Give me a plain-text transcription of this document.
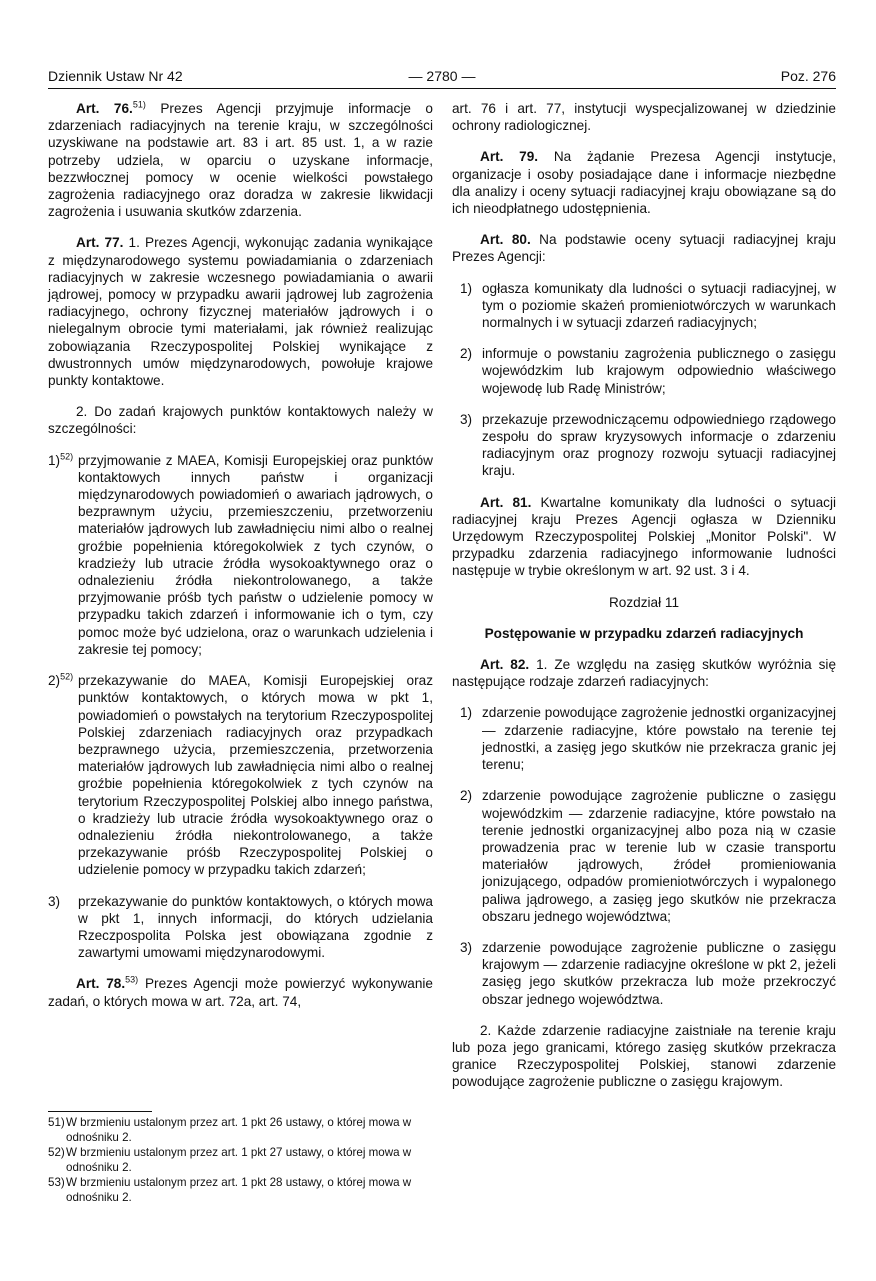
Dziennik Ustaw Nr 42	— 2780 —	Poz. 276

Art. 76.$^{51)}$ Prezes Agencji przyjmuje informacje o zdarzeniach radiacyjnych na terenie kraju, w szczególności uzyskiwane na podstawie art. 83 i art. 85 ust. 1, a w razie potrzeby udziela, w oparciu o uzyskane informacje, bezzwłocznej pomocy w ocenie wielkości powstałego zagrożenia radiacyjnego oraz doradza w zakresie likwidacji zagrożenia i usuwania skutków zdarzenia.

Art. 77. 1. Prezes Agencji, wykonując zadania wynikające z międzynarodowego systemu powiadamiania o zdarzeniach radiacyjnych w zakresie wczesnego powiadamiania o awarii jądrowej, pomocy w przypadku awarii jądrowej lub zagrożenia radiacyjnego, ochrony fizycznej materiałów jądrowych i o nielegalnym obrocie tymi materiałami, jak również realizując zobowiązania Rzeczypospolitej Polskiej wynikające z dwustronnych umów międzynarodowych, powołuje krajowe punkty kontaktowe.

2. Do zadań krajowych punktów kontaktowych należy w szczególności:

1)$^{52)}$ przyjmowanie z MAEA, Komisji Europejskiej oraz punktów kontaktowych innych państw i organizacji międzynarodowych powiadomień o awariach jądrowych, o bezprawnym użyciu, przemieszczeniu, przetworzeniu materiałów jądrowych lub zawładnięciu nimi albo o realnej groźbie popełnienia któregokolwiek z tych czynów, o kradzieży lub utracie źródła wysokoaktywnego oraz o odnalezieniu źródła niekontrolowanego, a także przyjmowanie próśb tych państw o udzielenie pomocy w przypadku takich zdarzeń i informowanie ich o tym, czy pomoc może być udzielona, oraz o warunkach udzielenia i zakresie tej pomocy;
2)$^{52)}$ przekazywanie do MAEA, Komisji Europejskiej oraz punktów kontaktowych, o których mowa w pkt 1, powiadomień o powstałych na terytorium Rzeczypospolitej Polskiej zdarzeniach radiacyjnych oraz przypadkach bezprawnego użycia, przemieszczenia, przetworzenia materiałów jądrowych lub zawładnięcia nimi albo o realnej groźbie popełnienia któregokolwiek z tych czynów na terytorium Rzeczypospolitej Polskiej albo innego państwa, o kradzieży lub utracie źródła wysokoaktywnego oraz o odnalezieniu źródła niekontrolowanego, a także przekazywanie próśb Rzeczypospolitej Polskiej o udzielenie pomocy w przypadku takich zdarzeń;
3)	przekazywanie do punktów kontaktowych, o których mowa w pkt 1, innych informacji, do których udzielania Rzeczpospolita Polska jest obowiązana zgodnie z zawartymi umowami międzynarodowymi.

Art. 78.$^{53)}$ Prezes Agencji może powierzyć wykonywanie zadań, o których mowa w art. 72a, art. 74,

51) W brzmieniu ustalonym przez art. 1 pkt 26 ustawy, o której mowa w odnośniku 2.
52) W brzmieniu ustalonym przez art. 1 pkt 27 ustawy, o której mowa w odnośniku 2.
53) W brzmieniu ustalonym przez art. 1 pkt 28 ustawy, o której mowa w odnośniku 2.

art. 76 i art. 77, instytucji wyspecjalizowanej w dziedzinie ochrony radiologicznej.

Art. 79. Na żądanie Prezesa Agencji instytucje, organizacje i osoby posiadające dane i informacje niezbędne dla analizy i oceny sytuacji radiacyjnej kraju obowiązane są do ich nieodpłatnego udostępnienia.

Art. 80. Na podstawie oceny sytuacji radiacyjnej kraju Prezes Agencji:

1) ogłasza komunikaty dla ludności o sytuacji radiacyjnej, w tym o poziomie skażeń promieniotwórczych w warunkach normalnych i w sytuacji zdarzeń radiacyjnych;
2) informuje o powstaniu zagrożenia publicznego o zasięgu wojewódzkim lub krajowym odpowiednio właściwego wojewodę lub Radę Ministrów;
3) przekazuje przewodniczącemu odpowiedniego rządowego zespołu do spraw kryzysowych informacje o zdarzeniu radiacyjnym oraz prognozy rozwoju sytuacji radiacyjnej kraju.

Art. 81. Kwartalne komunikaty dla ludności o sytuacji radiacyjnej kraju Prezes Agencji ogłasza w Dzienniku Urzędowym Rzeczypospolitej Polskiej „Monitor Polski". W przypadku zdarzenia radiacyjnego informowanie ludności następuje w trybie określonym w art. 92 ust. 3 i 4.

Rozdział 11
Postępowanie w przypadku zdarzeń radiacyjnych

Art. 82. 1. Ze względu na zasięg skutków wyróżnia się następujące rodzaje zdarzeń radiacyjnych:

1) zdarzenie powodujące zagrożenie jednostki organizacyjnej — zdarzenie radiacyjne, które powstało na terenie tej jednostki, a zasięg jego skutków nie przekracza granic jej terenu;
2) zdarzenie powodujące zagrożenie publiczne o zasięgu wojewódzkim — zdarzenie radiacyjne, które powstało na terenie jednostki organizacyjnej albo poza nią w czasie prowadzenia prac w terenie lub w czasie transportu materiałów jądrowych, źródeł promieniowania jonizującego, odpadów promieniotwórczych i wypalonego paliwa jądrowego, a zasięg jego skutków nie przekracza obszaru jednego województwa;
3) zdarzenie powodujące zagrożenie publiczne o zasięgu krajowym — zdarzenie radiacyjne określone w pkt 2, jeżeli zasięg jego skutków przekracza lub może przekroczyć obszar jednego województwa.

2. Każde zdarzenie radiacyjne zaistniałe na terenie kraju lub poza jego granicami, którego zasięg skutków przekracza granice Rzeczypospolitej Polskiej, stanowi zdarzenie powodujące zagrożenie publiczne o zasięgu krajowym.
